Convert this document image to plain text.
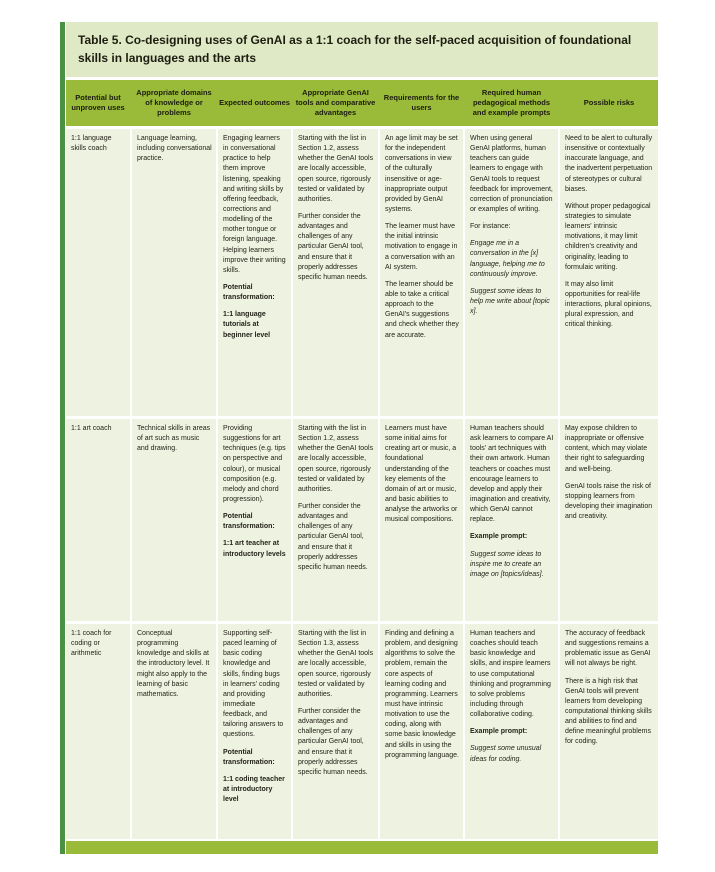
Table 5. Co-designing uses of GenAI as a 1:1 coach for the self-paced acquisition of foundational skills in languages and the arts
Potential but unproven uses
Appropriate domains of knowledge or problems
Expected outcomes
Appropriate GenAI tools and comparative advantages
Requirements for the users
Required human pedagogical methods and example prompts
Possible risks

1:1 language skills coach

Language learning, including conversational practice.

Engaging learners in conversational practice to help them improve listening, speaking and writing skills by offering feedback, corrections and modelling of the mother tongue or foreign language. Helping learners improve their writing skills.

Potential transformation:

1:1 language tutorials at beginner level

Starting with the list in Section 1.2, assess whether the GenAI tools are locally accessible, open source, rigorously tested or validated by authorities.

Further consider the advantages and challenges of any particular GenAI tool, and ensure that it properly addresses specific human needs.

An age limit may be set for the independent conversations in view of the culturally insensitive or age-inappropriate output provided by GenAI systems.

The learner must have the initial intrinsic motivation to engage in a conversation with an AI system.

The learner should be able to take a critical approach to the GenAI's suggestions and check whether they are accurate.

When using general GenAI platforms, human teachers can guide learners to engage with GenAI tools to request feedback for improvement, correction of pronunciation or examples of writing.

For instance:

Engage me in a conversation in the [x] language, helping me to continuously improve.

Suggest some ideas to help me write about [topic x].

Need to be alert to culturally insensitive or contextually inaccurate language, and the inadvertent perpetuation of stereotypes or cultural biases.

Without proper pedagogical strategies to simulate learners' intrinsic motivations, it may limit children's creativity and originality, leading to formulaic writing.

It may also limit opportunities for real-life interactions, plural opinions, plural expression, and critical thinking.

1:1 art coach	Technical skills in areas of art such as music and drawing.

Providing suggestions for art techniques (e.g. tips on perspective and colour), or musical composition (e.g. melody and chord progression).

Potential transformation:

1:1 art teacher at introductory levels

Starting with the list in Section 1.2, assess whether the GenAI tools are locally accessible, open source, rigorously tested or validated by authorities.

Further consider the advantages and challenges of any particular GenAI tool, and ensure that it properly addresses specific human needs.

Learners must have some initial aims for creating art or music, a foundational understanding of the key elements of the domain of art or music, and basic abilities to analyse the artworks or musical compositions.

Human teachers should ask learners to compare AI tools' art techniques with their own artwork. Human teachers or coaches must encourage learners to develop and apply their imagination and creativity, which GenAI cannot replace.

Example prompt:

Suggest some ideas to inspire me to create an image on [topics/ideas].

May expose children to inappropriate or offensive content, which may violate their right to safeguarding and well-being.

GenAI tools raise the risk of stopping learners from developing their imagination and creativity.

1:1 coach for coding or arithmetic

Conceptual programming knowledge and skills at the introductory level. It might also apply to the learning of basic mathematics.

Supporting self-paced learning of basic coding knowledge and skills, finding bugs in learners' coding and providing immediate feedback, and tailoring answers to questions.

Potential transformation:

1:1 coding teacher at introductory level

Starting with the list in Section 1.3, assess whether the GenAI tools are locally accessible, open source, rigorously tested or validated by authorities.

Further consider the advantages and challenges of any particular GenAI tool, and ensure that it properly addresses specific human needs.

Finding and defining a problem, and designing algorithms to solve the problem, remain the core aspects of learning coding and programming. Learners must have intrinsic motivation to use the coding, along with some basic knowledge and skills in using the programming language.

Human teachers and coaches should teach basic knowledge and skills, and inspire learners to use computational thinking and programming to solve problems including through collaborative coding.

Example prompt:

Suggest some unusual ideas for coding.

The accuracy of feedback and suggestions remains a problematic issue as GenAI will not always be right.

There is a high risk that GenAI tools will prevent learners from developing computational thinking skills and abilities to find and define meaningful problems for coding.
